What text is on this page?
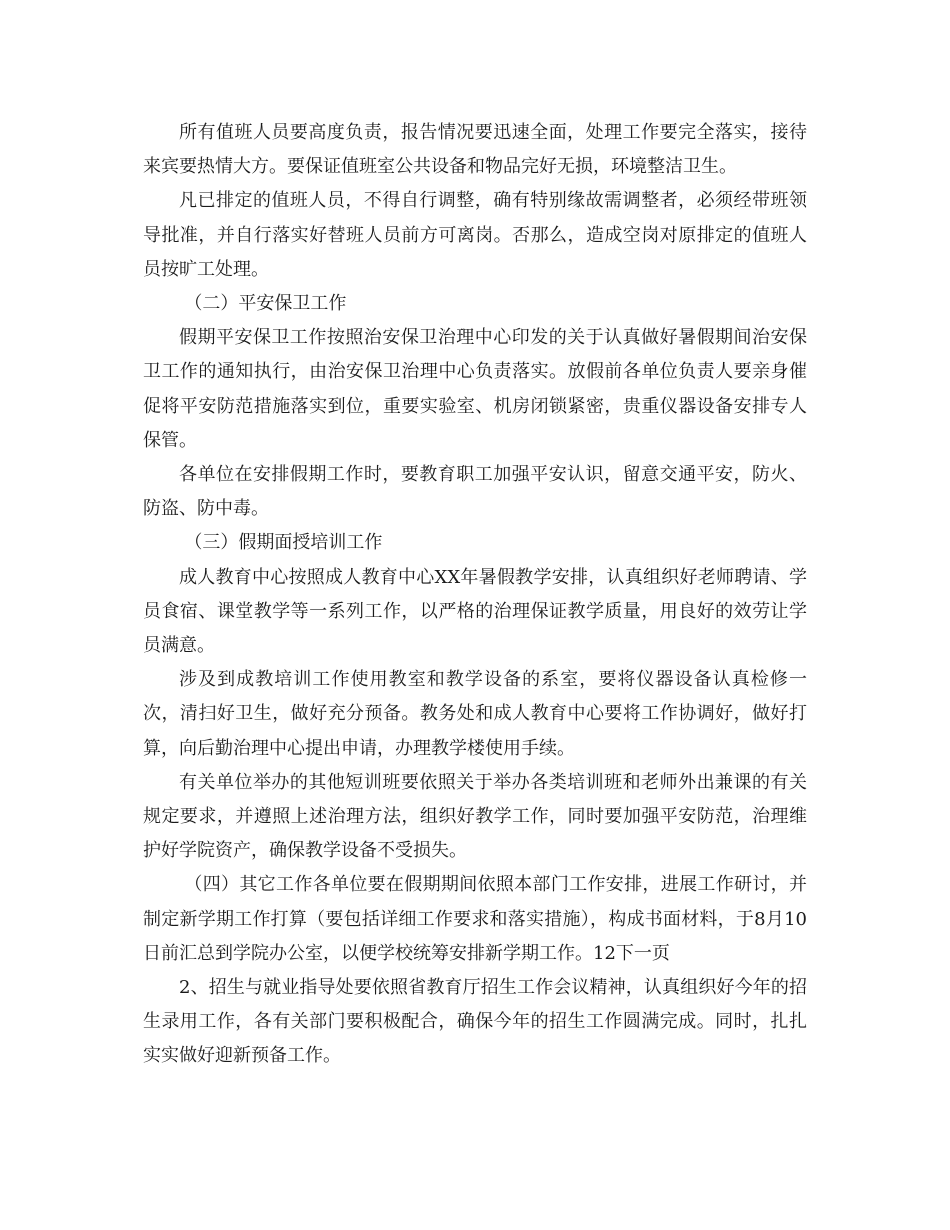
所有值班人员要高度负责，报告情况要迅速全面，处理工作要完全落实，接待来宾要热情大方。要保证值班室公共设备和物品完好无损，环境整洁卫生。

凡已排定的值班人员，不得自行调整，确有特别缘故需调整者，必须经带班领导批准，并自行落实好替班人员前方可离岗。否那么，造成空岗对原排定的值班人员按旷工处理。

（二）平安保卫工作

假期平安保卫工作按照治安保卫治理中心印发的关于认真做好暑假期间治安保卫工作的通知执行，由治安保卫治理中心负责落实。放假前各单位负责人要亲身催促将平安防范措施落实到位，重要实验室、机房闭锁紧密，贵重仪器设备安排专人保管。

各单位在安排假期工作时，要教育职工加强平安认识，留意交通平安，防火、防盗、防中毒。

（三）假期面授培训工作

成人教育中心按照成人教育中心XX年暑假教学安排，认真组织好老师聘请、学员食宿、课堂教学等一系列工作，以严格的治理保证教学质量，用良好的效劳让学员满意。

涉及到成教培训工作使用教室和教学设备的系室，要将仪器设备认真检修一次，清扫好卫生，做好充分预备。教务处和成人教育中心要将工作协调好，做好打算，向后勤治理中心提出申请，办理教学楼使用手续。

有关单位举办的其他短训班要依照关于举办各类培训班和老师外出兼课的有关规定要求，并遵照上述治理方法，组织好教学工作，同时要加强平安防范，治理维护好学院资产，确保教学设备不受损失。

（四）其它工作各单位要在假期期间依照本部门工作安排，进展工作研讨，并制定新学期工作打算（要包括详细工作要求和落实措施），构成书面材料，于8月10日前汇总到学院办公室，以便学校统筹安排新学期工作。12下一页

2、招生与就业指导处要依照省教育厅招生工作会议精神，认真组织好今年的招生录用工作，各有关部门要积极配合，确保今年的招生工作圆满完成。同时，扎扎实实做好迎新预备工作。
